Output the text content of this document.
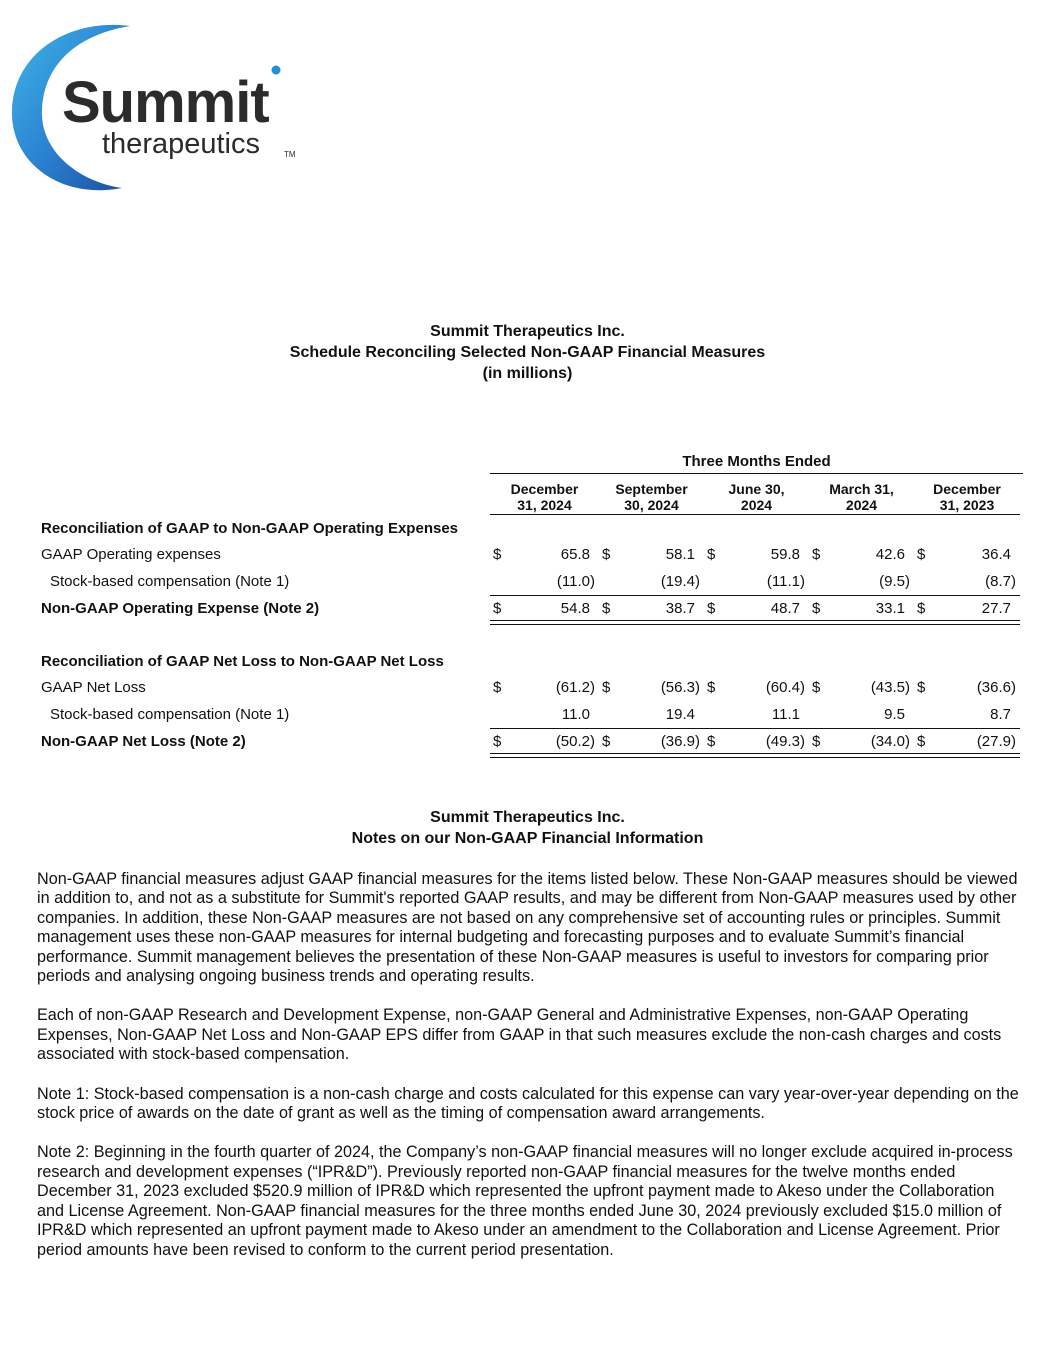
Summit
therapeutics	TM
Summit Therapeutics Inc.
Schedule Reconciling Selected Non-GAAP Financial Measures
(in millions)
Three Months Ended
December
31, 2024
September
30, 2024
June 30,
2024
March 31,
2024
December
31, 2023
Reconciliation of GAAP to Non-GAAP Operating Expenses
GAAP Operating expenses	$	65.8 $	58.1 $	59.8 $	42.6 $	36.4
Stock-based compensation (Note 1)	(11.0)	(19.4)	(11.1)	(9.5)	(8.7)
Non-GAAP Operating Expense (Note 2)	$	54.8 $	38.7 $	48.7 $	33.1 $	27.7
Reconciliation of GAAP Net Loss to Non-GAAP Net Loss
GAAP Net Loss	$	(61.2) $	(56.3) $	(60.4) $	(43.5) $	(36.6)
Stock-based compensation (Note 1)	11.0	19.4	11.1	9.5	8.7
Non-GAAP Net Loss (Note 2)	$	(50.2) $	(36.9) $	(49.3) $	(34.0) $	(27.9)
Summit Therapeutics Inc.
Notes on our Non-GAAP Financial Information

Non-GAAP financial measures adjust GAAP financial measures for the items listed below. These Non-GAAP measures should be viewed in addition to, and not as a substitute for Summit's reported GAAP results, and may be different from Non-GAAP measures used by other companies. In addition, these Non-GAAP measures are not based on any comprehensive set of accounting rules or principles. Summit management uses these non-GAAP measures for internal budgeting and forecasting purposes and to evaluate Summit’s financial performance. Summit management believes the presentation of these Non-GAAP measures is useful to investors for comparing prior periods and analysing ongoing business trends and operating results.

Each of non-GAAP Research and Development Expense, non-GAAP General and Administrative Expenses, non-GAAP Operating Expenses, Non-GAAP Net Loss and Non-GAAP EPS differ from GAAP in that such measures exclude the non-cash charges and costs associated with stock-based compensation.

Note 1: Stock-based compensation is a non-cash charge and costs calculated for this expense can vary year-over-year depending on the stock price of awards on the date of grant as well as the timing of compensation award arrangements.

Note 2: Beginning in the fourth quarter of 2024, the Company’s non-GAAP financial measures will no longer exclude acquired in-process research and development expenses (“IPR&D”). Previously reported non-GAAP financial measures for the twelve months ended December 31, 2023 excluded $520.9 million of IPR&D which represented the upfront payment made to Akeso under the Collaboration and License Agreement. Non-GAAP financial measures for the three months ended June 30, 2024 previously excluded $15.0 million of IPR&D which represented an upfront payment made to Akeso under an amendment to the Collaboration and License Agreement. Prior period amounts have been revised to conform to the current period presentation.
